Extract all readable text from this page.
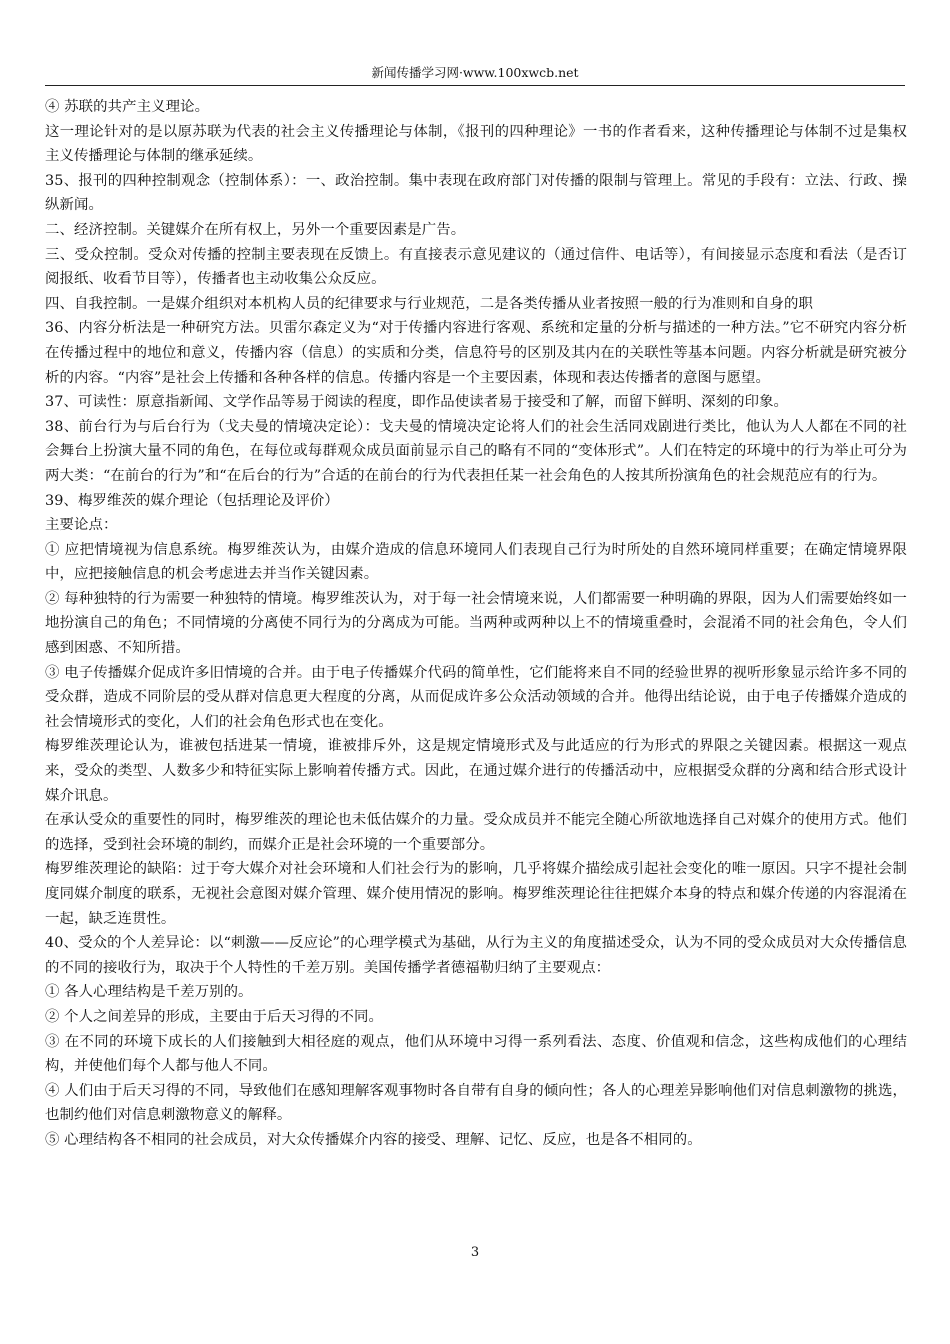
新闻传播学习网·www.100xwcb.net

④ 苏联的共产主义理论。

这一理论针对的是以原苏联为代表的社会主义传播理论与体制，《报刊的四种理论》一书的作者看来，这种传播理论与体制不过是集权主义传播理论与体制的继承延续。

35、报刊的四种控制观念（控制体系）：一、政治控制。集中表现在政府部门对传播的限制与管理上。常见的手段有：立法、行政、操纵新闻。

二、经济控制。关键媒介在所有权上，另外一个重要因素是广告。

三、受众控制。受众对传播的控制主要表现在反馈上。有直接表示意见建议的（通过信件、电话等），有间接显示态度和看法（是否订阅报纸、收看节目等），传播者也主动收集公众反应。

四、自我控制。一是媒介组织对本机构人员的纪律要求与行业规范，二是各类传播从业者按照一般的行为准则和自身的职

36、内容分析法是一种研究方法。贝雷尔森定义为“对于传播内容进行客观、系统和定量的分析与描述的一种方法。”它不研究内容分析在传播过程中的地位和意义，传播内容（信息）的实质和分类，信息符号的区别及其内在的关联性等基本问题。内容分析就是研究被分析的内容。“内容”是社会上传播和各种各样的信息。传播内容是一个主要因素，体现和表达传播者的意图与愿望。

37、可读性：原意指新闻、文学作品等易于阅读的程度，即作品使读者易于接受和了解，而留下鲜明、深刻的印象。

38、前台行为与后台行为（戈夫曼的情境决定论）：戈夫曼的情境决定论将人们的社会生活同戏剧进行类比，他认为人人都在不同的社会舞台上扮演大量不同的角色，在每位或每群观众成员面前显示自己的略有不同的“变体形式”。人们在特定的环境中的行为举止可分为两大类：“在前台的行为”和“在后台的行为”合适的在前台的行为代表担任某一社会角色的人按其所扮演角色的社会规范应有的行为。

39、梅罗维茨的媒介理论（包括理论及评价）

主要论点：

① 应把情境视为信息系统。梅罗维茨认为，由媒介造成的信息环境同人们表现自己行为时所处的自然环境同样重要；在确定情境界限中，应把接触信息的机会考虑进去并当作关键因素。

② 每种独特的行为需要一种独特的情境。梅罗维茨认为，对于每一社会情境来说，人们都需要一种明确的界限，因为人们需要始终如一地扮演自己的角色；不同情境的分离使不同行为的分离成为可能。当两种或两种以上不的情境重叠时，会混淆不同的社会角色，令人们感到困惑、不知所措。

③ 电子传播媒介促成许多旧情境的合并。由于电子传播媒介代码的简单性，它们能将来自不同的经验世界的视听形象显示给许多不同的受众群，造成不同阶层的受从群对信息更大程度的分离，从而促成许多公众活动领域的合并。他得出结论说，由于电子传播媒介造成的社会情境形式的变化，人们的社会角色形式也在变化。

梅罗维茨理论认为，谁被包括进某一情境，谁被排斥外，这是规定情境形式及与此适应的行为形式的界限之关键因素。根据这一观点来，受众的类型、人数多少和特征实际上影响着传播方式。因此，在通过媒介进行的传播活动中，应根据受众群的分离和结合形式设计媒介讯息。

在承认受众的重要性的同时，梅罗维茨的理论也未低估媒介的力量。受众成员并不能完全随心所欲地选择自己对媒介的使用方式。他们的选择，受到社会环境的制约，而媒介正是社会环境的一个重要部分。

梅罗维茨理论的缺陷：过于夸大媒介对社会环境和人们社会行为的影响，几乎将媒介描绘成引起社会变化的唯一原因。只字不提社会制度同媒介制度的联系，无视社会意图对媒介管理、媒介使用情况的影响。梅罗维茨理论往往把媒介本身的特点和媒介传递的内容混淆在一起，缺乏连贯性。

40、受众的个人差异论：以“刺激——反应论”的心理学模式为基础，从行为主义的角度描述受众，认为不同的受众成员对大众传播信息的不同的接收行为，取决于个人特性的千差万别。美国传播学者德福勒归纳了主要观点：

① 各人心理结构是千差万别的。

② 个人之间差异的形成，主要由于后天习得的不同。

③ 在不同的环境下成长的人们接触到大相径庭的观点，他们从环境中习得一系列看法、态度、价值观和信念，这些构成他们的心理结构，并使他们每个人都与他人不同。

④ 人们由于后天习得的不同，导致他们在感知理解客观事物时各自带有自身的倾向性；各人的心理差异影响他们对信息刺激物的挑选，也制约他们对信息刺激物意义的解释。

⑤ 心理结构各不相同的社会成员，对大众传播媒介内容的接受、理解、记忆、反应，也是各不相同的。

3
